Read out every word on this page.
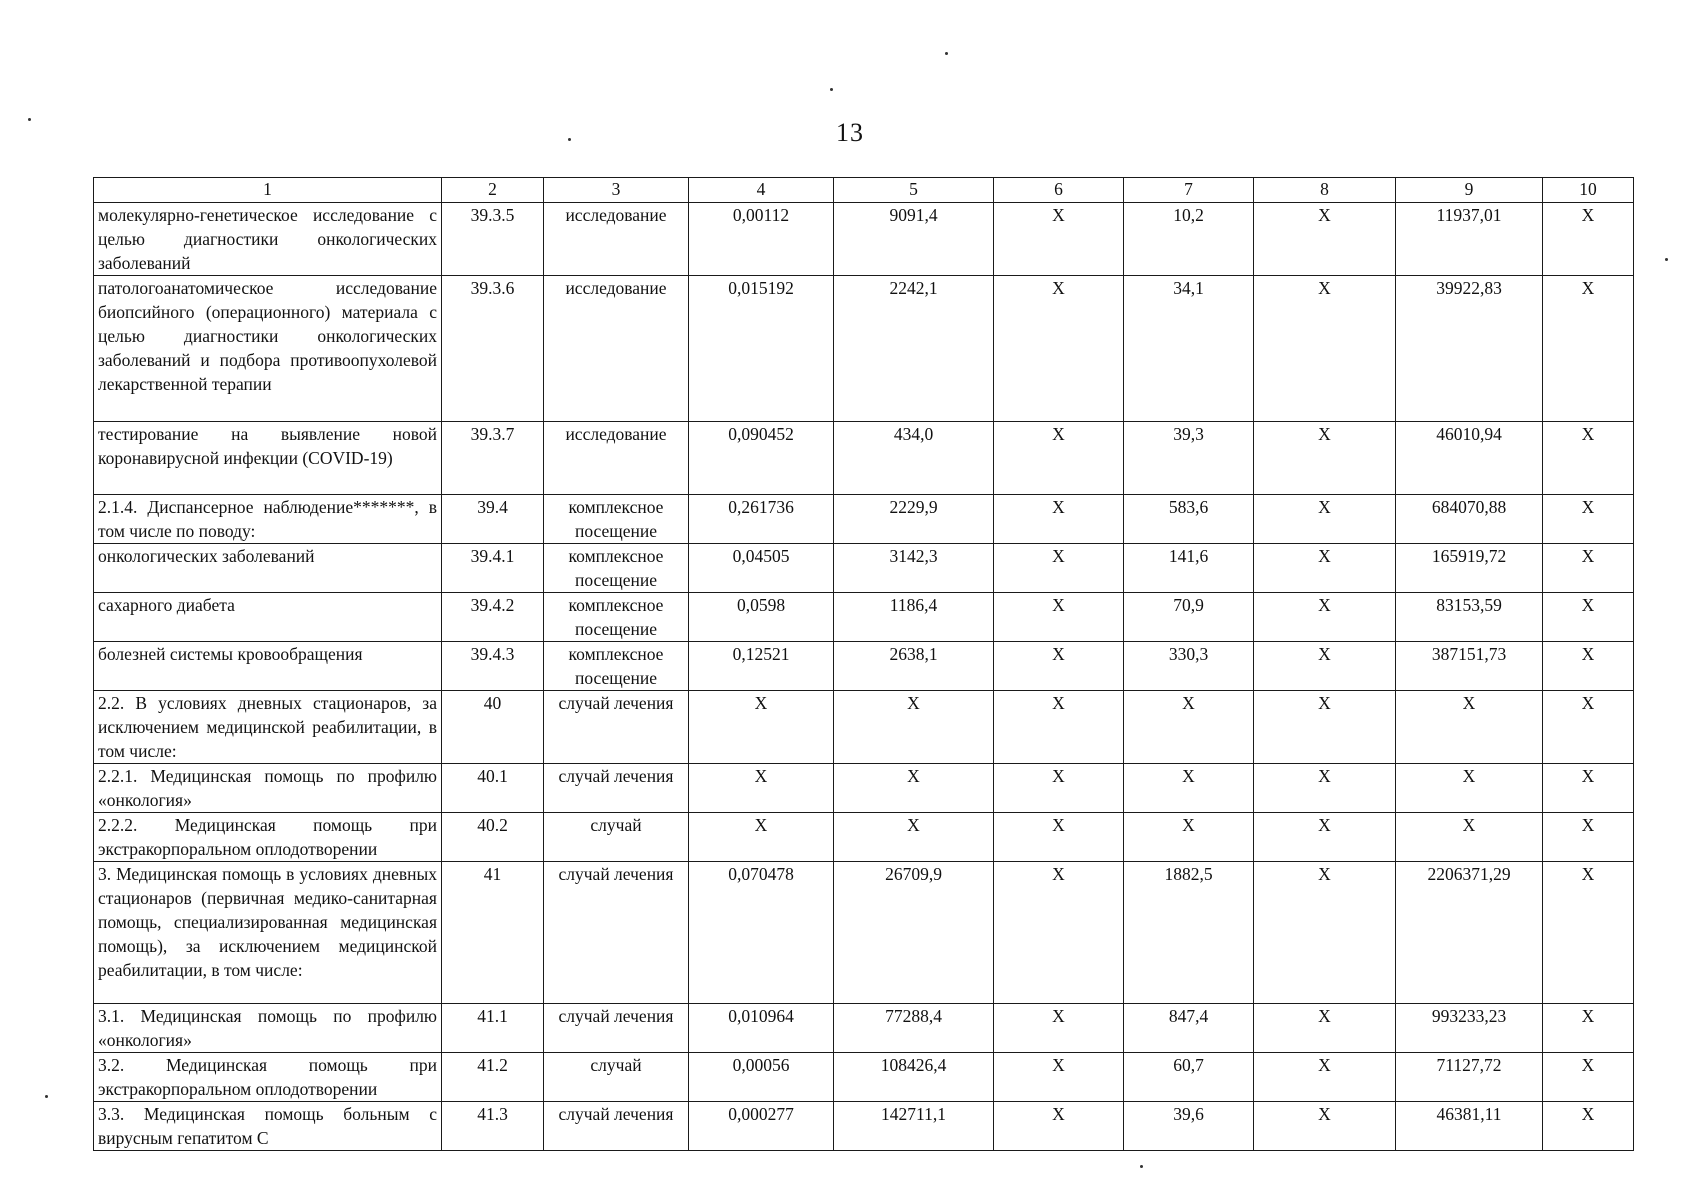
13
1	2	3	4	5	6	7	8	9	10
молекулярно-генетическое исследование с целью диагностики онкологических заболеваний	39.3.5	исследование	0,00112	9091,4	X	10,2	X	11937,01	X
патологоанатомическое исследование биопсийного (операционного) материала с целью диагностики онкологических заболеваний и подбора противоопухолевой лекарственной терапии	39.3.6	исследование	0,015192	2242,1	X	34,1	X	39922,83	X
тестирование на выявление новой коронавирусной инфекции (COVID-19)	39.3.7	исследование	0,090452	434,0	X	39,3	X	46010,94	X
2.1.4. Диспансерное наблюдение*******, в том числе по поводу:	39.4	комплексное посещение	0,261736	2229,9	X	583,6	X	684070,88	X
онкологических заболеваний	39.4.1	комплексное посещение	0,04505	3142,3	X	141,6	X	165919,72	X
сахарного диабета	39.4.2	комплексное посещение	0,0598	1186,4	X	70,9	X	83153,59	X
болезней системы кровообращения	39.4.3	комплексное посещение	0,12521	2638,1	X	330,3	X	387151,73	X
2.2. В условиях дневных стационаров, за исключением медицинской реабилитации, в том числе:	40	случай лечения	X	X	X	X	X	X	X
2.2.1. Медицинская помощь по профилю «онкология»	40.1	случай лечения	X	X	X	X	X	X	X
2.2.2. Медицинская помощь при экстракорпоральном оплодотворении	40.2	случай	X	X	X	X	X	X	X
3. Медицинская помощь в условиях дневных стационаров (первичная медико-санитарная помощь, специализированная медицинская помощь), за исключением медицинской реабилитации, в том числе:	41	случай лечения	0,070478	26709,9	X	1882,5	X	2206371,29	X
3.1. Медицинская помощь по профилю «онкология»	41.1	случай лечения	0,010964	77288,4	X	847,4	X	993233,23	X
3.2. Медицинская помощь при экстракорпоральном оплодотворении	41.2	случай	0,00056	108426,4	X	60,7	X	71127,72	X
3.3. Медицинская помощь больным с вирусным гепатитом С	41.3	случай лечения	0,000277	142711,1	X	39,6	X	46381,11	X
